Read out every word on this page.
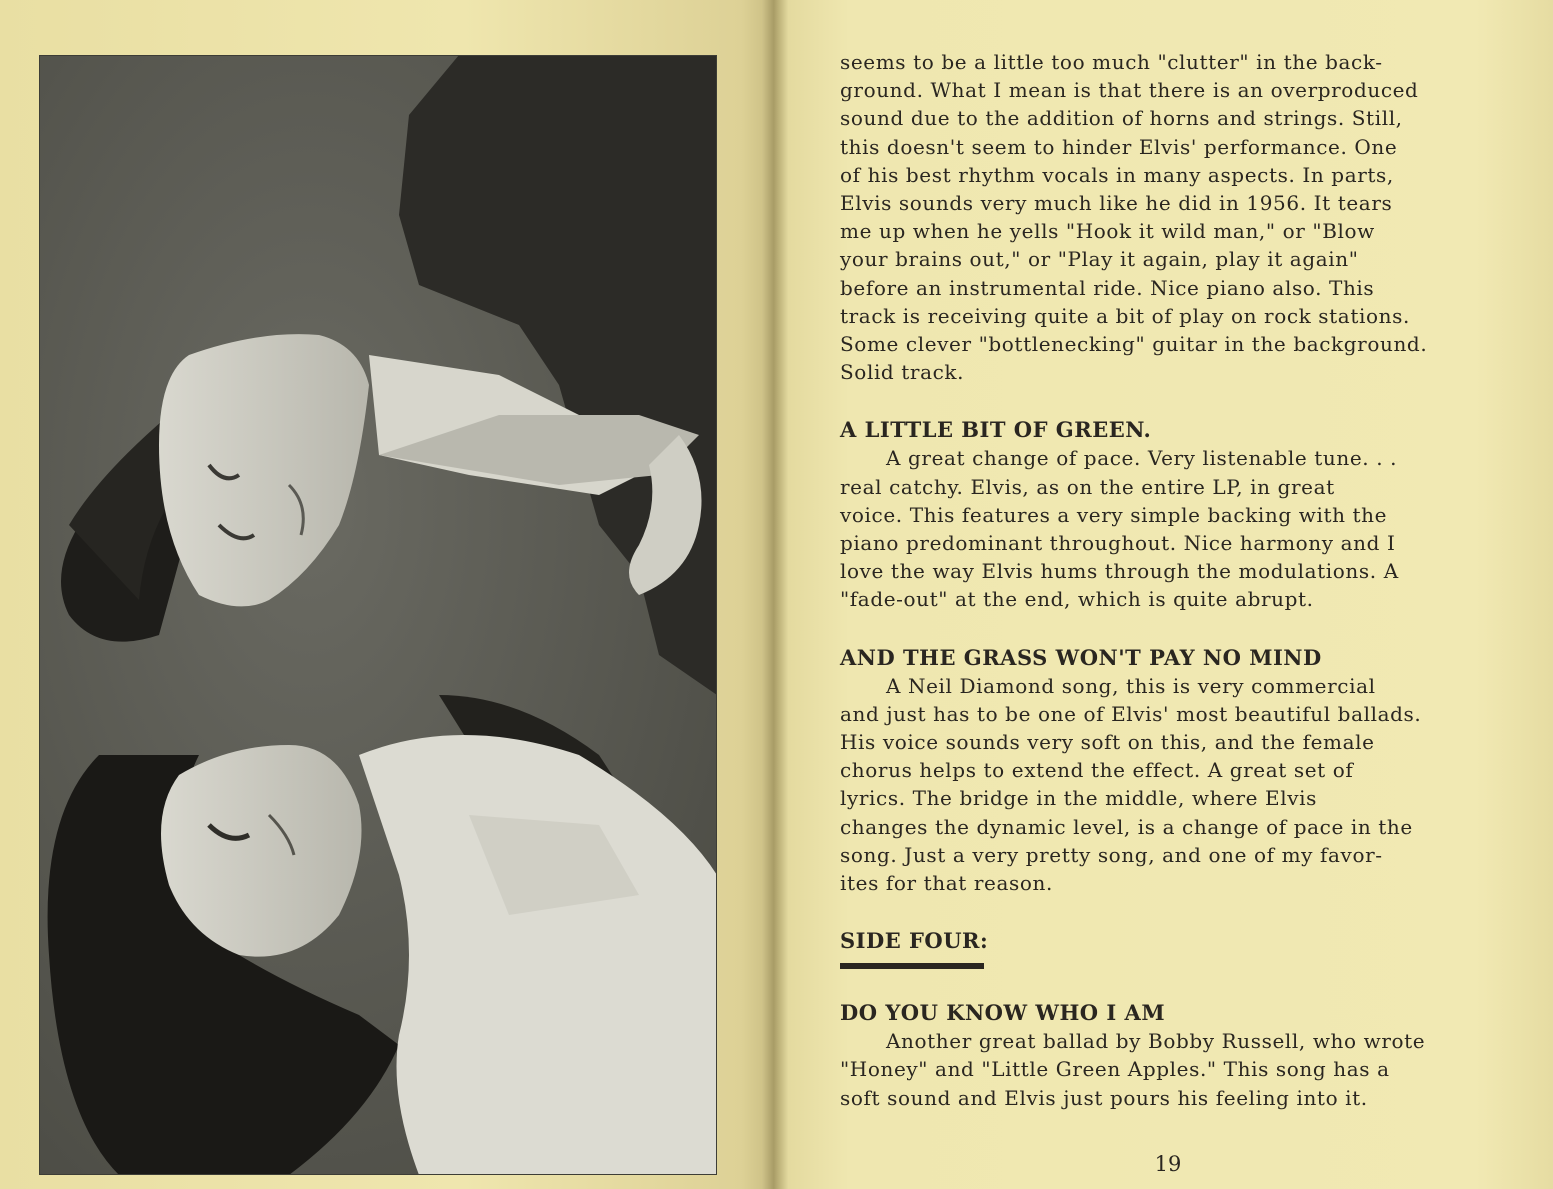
seems to be a little too much "clutter" in the back-

ground. What I mean is that there is an overproduced

sound due to the addition of horns and strings. Still,

this doesn't seem to hinder Elvis' performance. One

of his best rhythm vocals in many aspects. In parts,

Elvis sounds very much like he did in 1956. It tears

me up when he yells "Hook it wild man," or "Blow

your brains out," or "Play it again, play it again"

before an instrumental ride. Nice piano also. This

track is receiving quite a bit of play on rock stations.

Some clever "bottlenecking" guitar in the background.

Solid track.

A LITTLE BIT OF GREEN.

A great change of pace. Very listenable tune. . .

real catchy. Elvis, as on the entire LP, in great

voice. This features a very simple backing with the

piano predominant throughout. Nice harmony and I

love the way Elvis hums through the modulations. A

"fade-out" at the end, which is quite abrupt.

AND THE GRASS WON'T PAY NO MIND

A Neil Diamond song, this is very commercial

and just has to be one of Elvis' most beautiful ballads.

His voice sounds very soft on this, and the female

chorus helps to extend the effect. A great set of

lyrics. The bridge in the middle, where Elvis

changes the dynamic level, is a change of pace in the

song. Just a very pretty song, and one of my favor-

ites for that reason.

SIDE FOUR:
DO YOU KNOW WHO I AM

Another great ballad by Bobby Russell, who wrote

"Honey" and "Little Green Apples." This song has a

soft sound and Elvis just pours his feeling into it.

19
